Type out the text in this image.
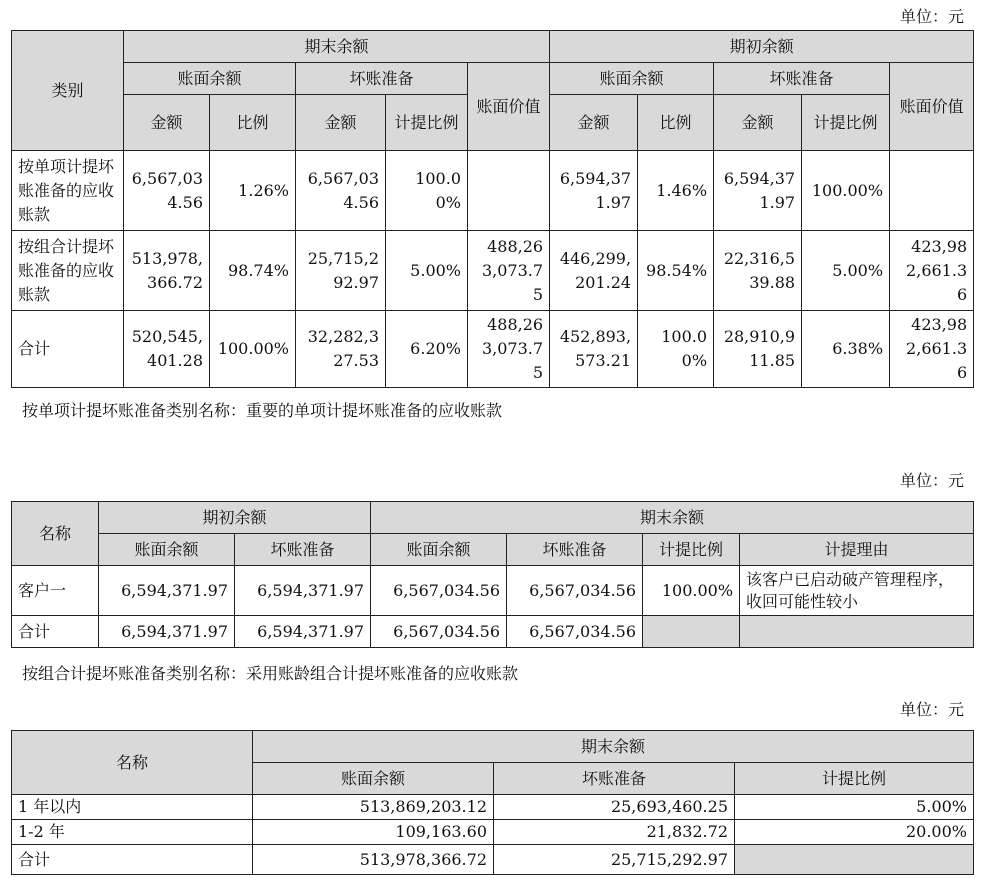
单位：元
类别	期末余额					期初余额				
	账面余额		坏账准备		账面价值	账面余额		坏账准备		账面价值
	金额	比例	金额	计提比例		金额	比例	金额	计提比例	
按单项计提坏账准备的应收账款	6,567,034.56	1.26%	6,567,034.56	100.00%		6,594,371.97	1.46%	6,594,371.97	100.00%	
按组合计提坏账准备的应收账款	513,978,366.72	98.74%	25,715,292.97	5.00%	488,263,073.75	446,299,201.24	98.54%	22,316,539.88	5.00%	423,982,661.36
合计	520,545,401.28	100.00%	32,282,327.53	6.20%	488,263,073.75	452,893,573.21	100.00%	28,910,911.85	6.38%	423,982,661.36
按单项计提坏账准备类别名称：重要的单项计提坏账准备的应收账款
单位：元
名称	期初余额		期末余额			
	账面余额	坏账准备	账面余额	坏账准备	计提比例	计提理由
客户一	6,594,371.97	6,594,371.97	6,567,034.56	6,567,034.56	100.00%	该客户已启动破产管理程序，收回可能性较小
合计	6,594,371.97	6,594,371.97	6,567,034.56	6,567,034.56		
按组合计提坏账准备类别名称：采用账龄组合计提坏账准备的应收账款
单位：元
名称	期末余额		
	账面余额	坏账准备	计提比例
1 年以内	513,869,203.12	25,693,460.25	5.00%
1-2 年	109,163.60	21,832.72	20.00%
合计	513,978,366.72	25,715,292.97	
